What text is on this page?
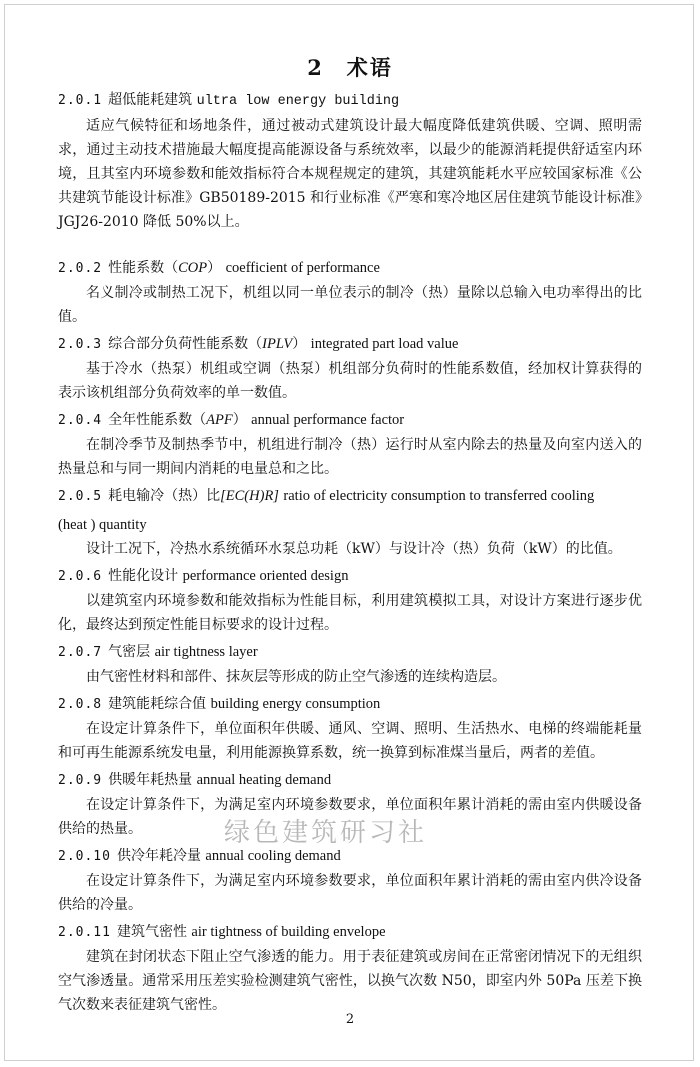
2　术语
2.0.1 超低能耗建筑 ultra low energy building

适应气候特征和场地条件，通过被动式建筑设计最大幅度降低建筑供暖、空调、照明需求，通过主动技术措施最大幅度提高能源设备与系统效率，以最少的能源消耗提供舒适室内环境，且其室内环境参数和能效指标符合本规程规定的建筑，其建筑能耗水平应较国家标准《公共建筑节能设计标准》GB50189-2015 和行业标准《严寒和寒冷地区居住建筑节能设计标准》JGJ26-2010 降低 50%以上。

2.0.2 性能系数（COP） coefficient of performance

名义制冷或制热工况下，机组以同一单位表示的制冷（热）量除以总输入电功率得出的比值。

2.0.3 综合部分负荷性能系数（IPLV） integrated part load value

基于冷水（热泵）机组或空调（热泵）机组部分负荷时的性能系数值，经加权计算获得的表示该机组部分负荷效率的单一数值。

2.0.4 全年性能系数（APF） annual performance factor

在制冷季节及制热季节中，机组进行制冷（热）运行时从室内除去的热量及向室内送入的热量总和与同一期间内消耗的电量总和之比。

2.0.5 耗电输冷（热）比[EC(H)R] ratio of electricity consumption to transferred cooling
(heat ) quantity

设计工况下，冷热水系统循环水泵总功耗（kW）与设计冷（热）负荷（kW）的比值。

2.0.6 性能化设计 performance oriented design

以建筑室内环境参数和能效指标为性能目标，利用建筑模拟工具，对设计方案进行逐步优化，最终达到预定性能目标要求的设计过程。

2.0.7 气密层 air tightness layer

由气密性材料和部件、抹灰层等形成的防止空气渗透的连续构造层。

2.0.8 建筑能耗综合值 building energy consumption

在设定计算条件下，单位面积年供暖、通风、空调、照明、生活热水、电梯的终端能耗量和可再生能源系统发电量，利用能源换算系数，统一换算到标准煤当量后，两者的差值。

2.0.9 供暖年耗热量 annual heating demand

在设定计算条件下，为满足室内环境参数要求，单位面积年累计消耗的需由室内供暖设备供给的热量。

2.0.10 供冷年耗冷量 annual cooling demand

在设定计算条件下，为满足室内环境参数要求，单位面积年累计消耗的需由室内供冷设备供给的冷量。

2.0.11 建筑气密性 air tightness of building envelope

建筑在封闭状态下阻止空气渗透的能力。用于表征建筑或房间在正常密闭情况下的无组织空气渗透量。通常采用压差实验检测建筑气密性，以换气次数 N50，即室内外 50Pa 压差下换气次数来表征建筑气密性。

2
绿色建筑研习社
